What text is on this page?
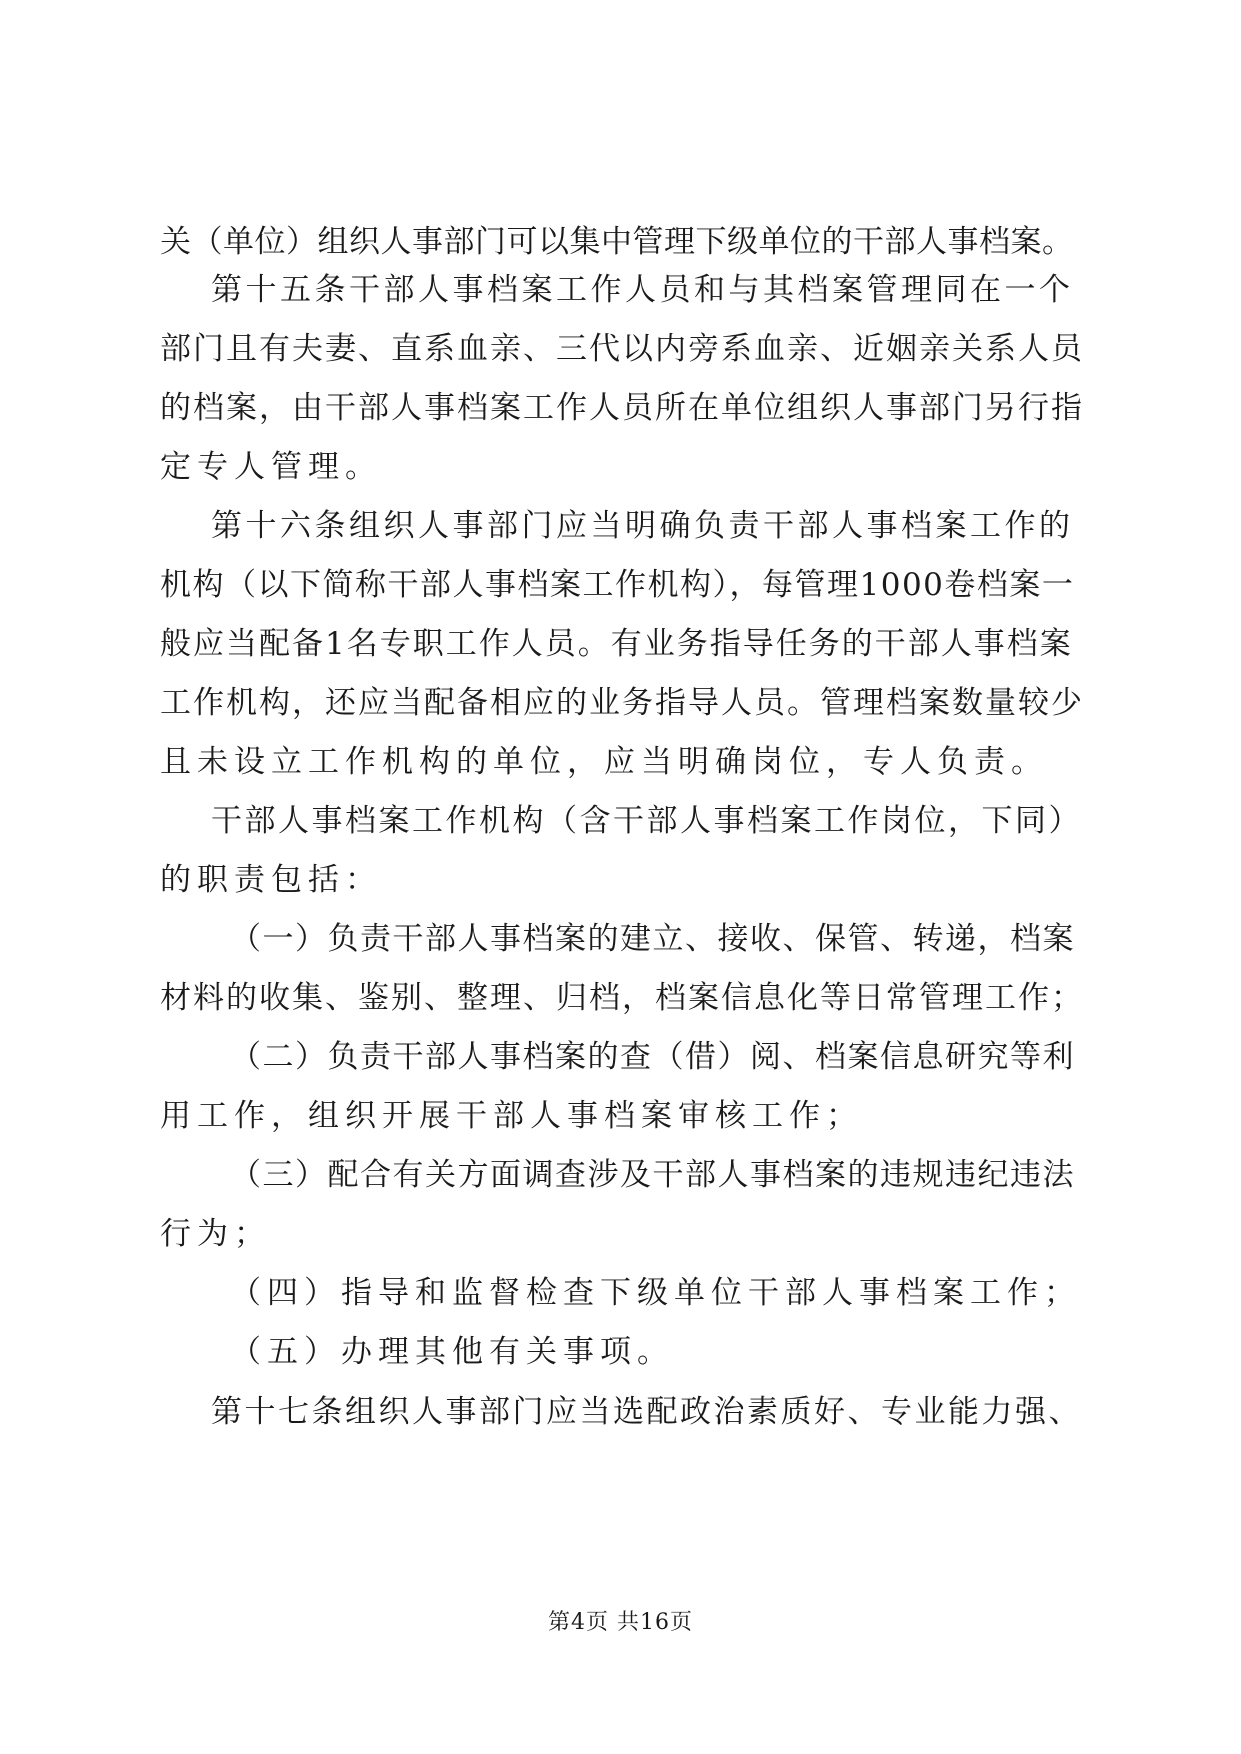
关（单位）组织人事部门可以集中管理下级单位的干部人事档案。
第十五条干部人事档案工作人员和与其档案管理同在一个
部门且有夫妻、直系血亲、三代以内旁系血亲、近姻亲关系人员
的档案，由干部人事档案工作人员所在单位组织人事部门另行指
定专人管理。
第十六条组织人事部门应当明确负责干部人事档案工作的
机构（以下简称干部人事档案工作机构），每管理1000卷档案一
般应当配备1名专职工作人员。有业务指导任务的干部人事档案
工作机构，还应当配备相应的业务指导人员。管理档案数量较少
且未设立工作机构的单位，应当明确岗位，专人负责。
干部人事档案工作机构（含干部人事档案工作岗位，下同）
的职责包括：
（一）负责干部人事档案的建立、接收、保管、转递，档案
材料的收集、鉴别、整理、归档，档案信息化等日常管理工作；
（二）负责干部人事档案的查（借）阅、档案信息研究等利
用工作，组织开展干部人事档案审核工作；
（三）配合有关方面调查涉及干部人事档案的违规违纪违法
行为；
（四）指导和监督检查下级单位干部人事档案工作；
（五）办理其他有关事项。
第十七条组织人事部门应当选配政治素质好、专业能力强、
第4页 共16页
